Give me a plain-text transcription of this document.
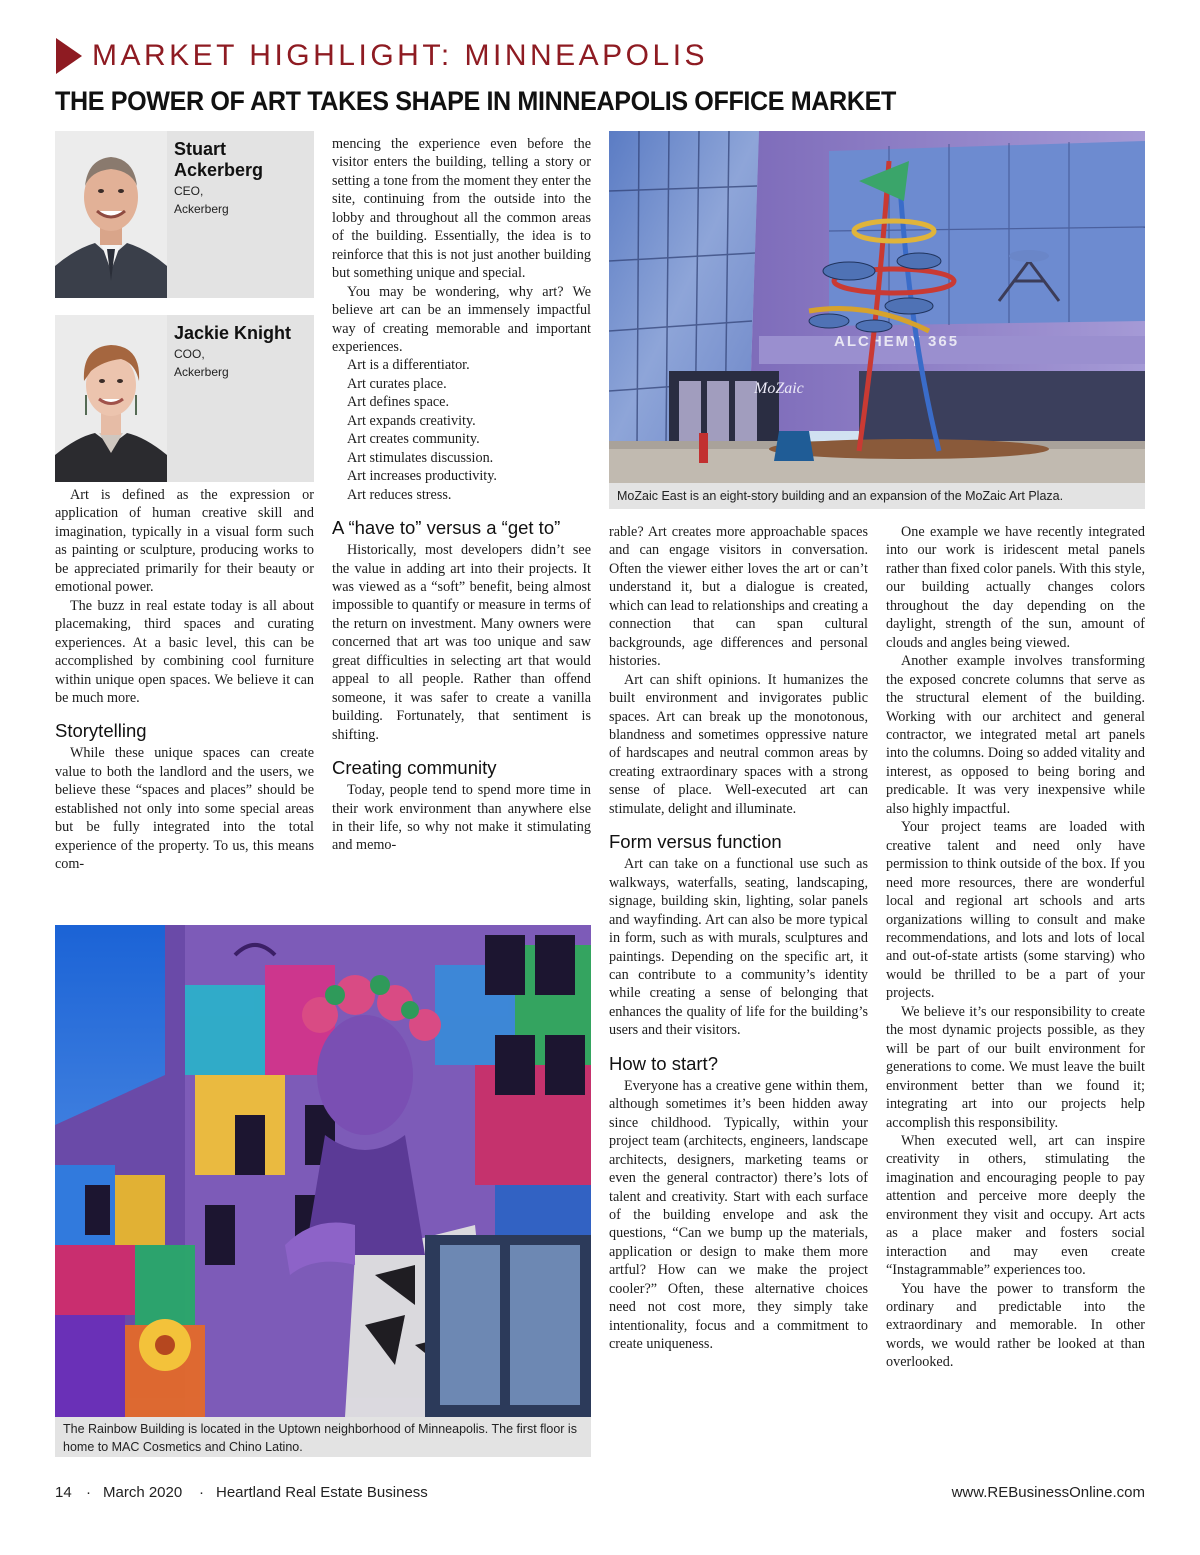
MARKET HIGHLIGHT: MINNEAPOLIS
THE POWER OF ART TAKES SHAPE IN MINNEAPOLIS OFFICE MARKET
Stuart Ackerberg
CEO,
Ackerberg
Jackie Knight
COO,
Ackerberg

Art is defined as the expression or application of human creative skill and imagination, typically in a visual form such as painting or sculpture, producing works to be appreciated primarily for their beauty or emotional power.

The buzz in real estate today is all about placemaking, third spaces and curating experiences. At a basic level, this can be accomplished by combining cool furniture within unique open spaces. We believe it can be much more.

Storytelling

While these unique spaces can create value to both the landlord and the users, we believe these “spaces and places” should be established not only into some special areas but be fully integrated into the total experience of the property. To us, this means com-

mencing the experience even before the visitor enters the building, telling a story or setting a tone from the moment they enter the site, continuing from the outside into the lobby and throughout all the common areas of the building. Essentially, the idea is to reinforce that this is not just another building but something unique and special.

You may be wondering, why art? We believe art can be an immensely impactful way of creating memorable and important experiences.

Art is a differentiator.
Art curates place.
Art defines space.
Art expands creativity.
Art creates community.
Art stimulates discussion.
Art increases productivity.
Art reduces stress.
A “have to” versus a “get to”

Historically, most developers didn’t see the value in adding art into their projects. It was viewed as a “soft” benefit, being almost impossible to quantify or measure in terms of the return on investment. Many owners were concerned that art was too unique and saw great difficulties in selecting art that would appeal to all people. Rather than offend someone, it was safer to create a vanilla building. Fortunately, that sentiment is shifting.

Creating community

Today, people tend to spend more time in their work environment than anywhere else in their life, so why not make it stimulating and memo-

ALCHEMY 365
MoZaic
MoZaic East is an eight-story building and an expansion of the MoZaic Art Plaza.

rable? Art creates more approachable spaces and can engage visitors in conversation. Often the viewer either loves the art or can’t understand it, but a dialogue is created, which can lead to relationships and creating a connection that can span cultural backgrounds, age differences and personal histories.

Art can shift opinions. It humanizes the built environment and invigorates public spaces. Art can break up the monotonous, blandness and sometimes oppressive nature of hardscapes and neutral common areas by creating extraordinary spaces with a strong sense of place. Well-executed art can stimulate, delight and illuminate.

Form versus function

Art can take on a functional use such as walkways, waterfalls, seating, landscaping, signage, building skin, lighting, solar panels and wayfinding. Art can also be more typical in form, such as with murals, sculptures and paintings. Depending on the specific art, it can contribute to a community’s identity while creating a sense of belonging that enhances the quality of life for the building’s users and their visitors.

How to start?

Everyone has a creative gene within them, although sometimes it’s been hidden away since childhood. Typically, within your project team (architects, engineers, landscape architects, designers, marketing teams or even the general contractor) there’s lots of talent and creativity. Start with each surface of the building envelope and ask the questions, “Can we bump up the materials, application or design to make them more artful? How can we make the project cooler?” Often, these alternative choices need not cost more, they simply take intentionality, focus and a commitment to create uniqueness.

One example we have recently integrated into our work is iridescent metal panels rather than fixed color panels. With this style, our building actually changes colors throughout the day depending on the daylight, strength of the sun, amount of clouds and angles being viewed.

Another example involves transforming the exposed concrete columns that serve as the structural element of the building. Working with our architect and general contractor, we integrated metal art panels into the columns. Doing so added vitality and interest, as opposed to being boring and predicable. It was very inexpensive while also highly impactful.

Your project teams are loaded with creative talent and need only have permission to think outside of the box. If you need more resources, there are wonderful local and regional art schools and arts organizations willing to consult and make recommendations, and lots and lots of local and out-of-state artists (some starving) who would be thrilled to be a part of your projects.

We believe it’s our responsibility to create the most dynamic projects possible, as they will be part of our built environment for generations to come. We must leave the built environment better than we found it; integrating art into our projects help accomplish this responsibility.

When executed well, art can inspire creativity in others, stimulating the imagination and encouraging people to pay attention and perceive more deeply the environment they visit and occupy. Art acts as a place maker and fosters social interaction and may even create “Instagrammable” experiences too.

You have the power to transform the ordinary and predictable into the extraordinary and memorable. In other words, we would rather be looked at than overlooked.

The Rainbow Building is located in the Uptown neighborhood of Minneapolis. The first floor is home to MAC Cosmetics and Chino Latino.
14 · March 2020 · Heartland Real Estate Business	www.REBusinessOnline.com
